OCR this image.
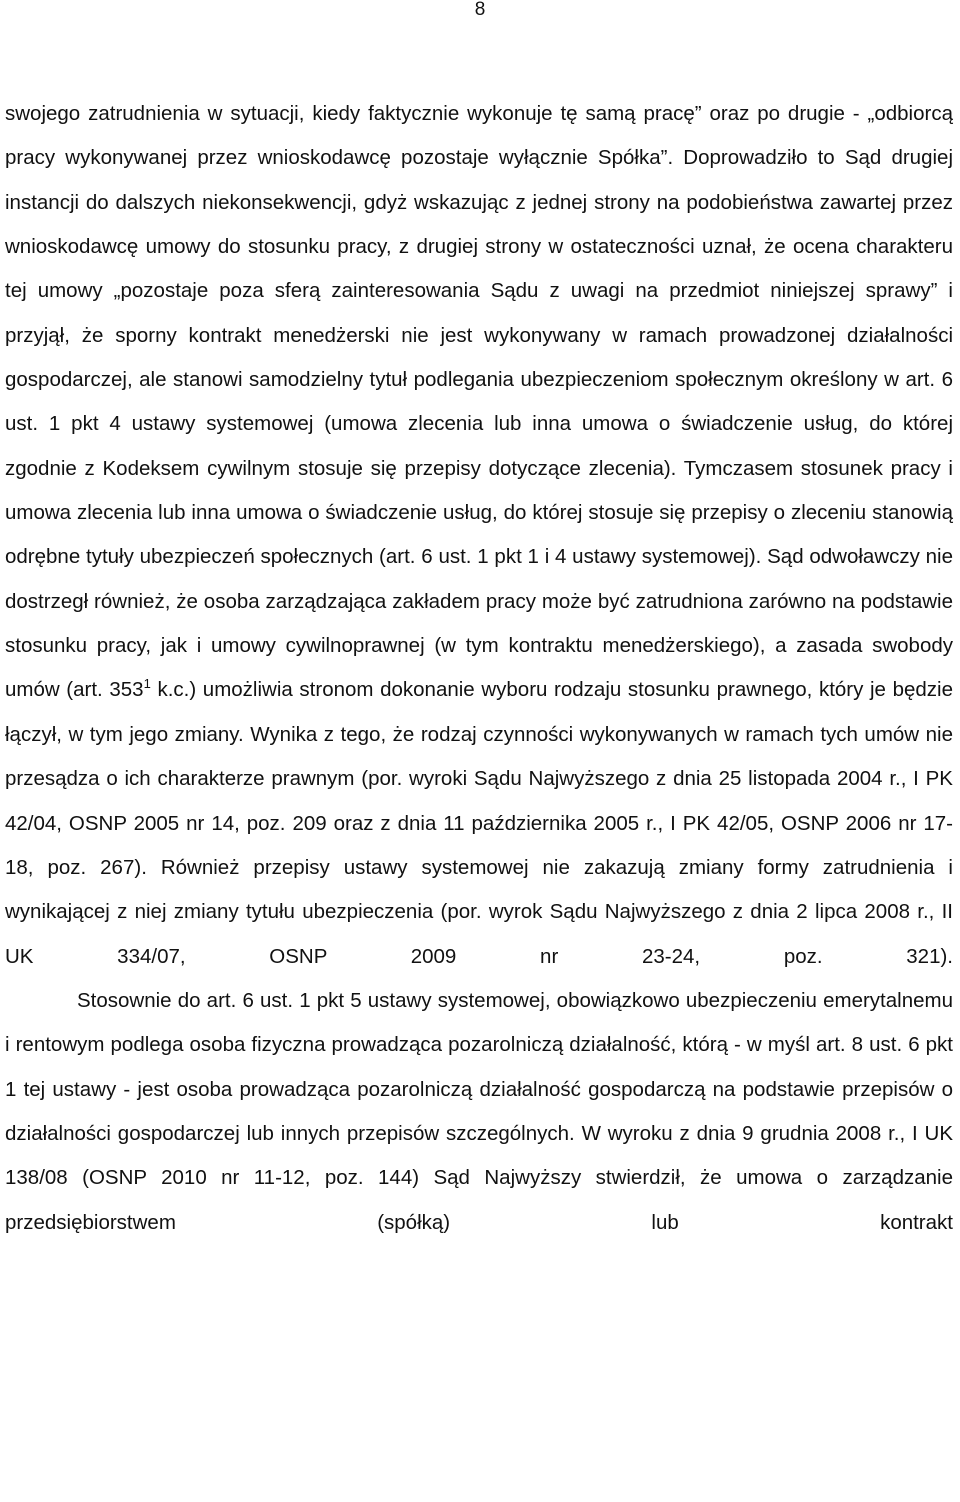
8

swojego zatrudnienia w sytuacji, kiedy faktycznie wykonuje tę samą pracę” oraz po drugie - „odbiorcą pracy wykonywanej przez wnioskodawcę pozostaje wyłącznie Spółka”. Doprowadziło to Sąd drugiej instancji do dalszych niekonsekwencji, gdyż wskazując z jednej strony na podobieństwa zawartej przez wnioskodawcę umowy do stosunku pracy, z drugiej strony w ostateczności uznał, że ocena charakteru tej umowy „pozostaje poza sferą zainteresowania Sądu z uwagi na przedmiot niniejszej sprawy” i przyjął, że sporny kontrakt menedżerski nie jest wykonywany w ramach prowadzonej działalności gospodarczej, ale stanowi samodzielny tytuł podlegania ubezpieczeniom społecznym określony w art. 6 ust. 1 pkt 4 ustawy systemowej (umowa zlecenia lub inna umowa o świadczenie usług, do której zgodnie z Kodeksem cywilnym stosuje się przepisy dotyczące zlecenia). Tymczasem stosunek pracy i umowa zlecenia lub inna umowa o świadczenie usług, do której stosuje się przepisy o zleceniu stanowią odrębne tytuły ubezpieczeń społecznych (art. 6 ust. 1 pkt 1 i 4 ustawy systemowej). Sąd odwoławczy nie dostrzegł również, że osoba zarządzająca zakładem pracy może być zatrudniona zarówno na podstawie stosunku pracy, jak i umowy cywilnoprawnej (w tym kontraktu menedżerskiego), a zasada swobody umów (art. $353^1$ k.c.) umożliwia stronom dokonanie wyboru rodzaju stosunku prawnego, który je będzie łączył, w tym jego zmiany. Wynika z tego, że rodzaj czynności wykonywanych w ramach tych umów nie przesądza o ich charakterze prawnym (por. wyroki Sądu Najwyższego z dnia 25 listopada 2004 r., I PK 42/04, OSNP 2005 nr 14, poz. 209 oraz z dnia 11 października 2005 r., I PK 42/05, OSNP 2006 nr 17-18, poz. 267). Również przepisy ustawy systemowej nie zakazują zmiany formy zatrudnienia i wynikającej z niej zmiany tytułu ubezpieczenia (por. wyrok Sądu Najwyższego z dnia 2 lipca 2008 r., II UK 334/07, OSNP 2009 nr 23-24, poz. 321).

Stosownie do art. 6 ust. 1 pkt 5 ustawy systemowej, obowiązkowo ubezpieczeniu emerytalnemu i rentowym podlega osoba fizyczna prowadząca pozarolniczą działalność, którą - w myśl art. 8 ust. 6 pkt 1 tej ustawy - jest osoba prowadząca pozarolniczą działalność gospodarczą na podstawie przepisów o działalności gospodarczej lub innych przepisów szczególnych. W wyroku z dnia 9 grudnia 2008 r., I UK 138/08 (OSNP 2010 nr 11-12, poz. 144) Sąd Najwyższy stwierdził, że umowa o zarządzanie przedsiębiorstwem (spółką) lub kontrakt
